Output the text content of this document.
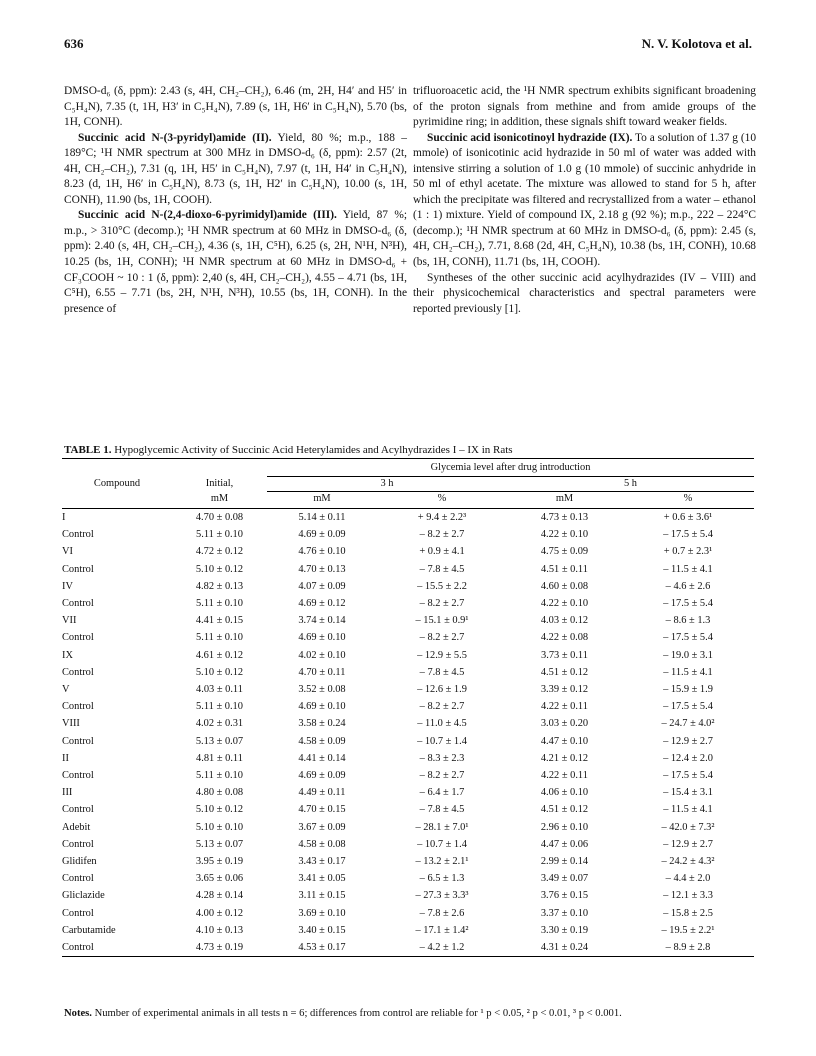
636	N. V. Kolotova et al.

DMSO-d₆ (δ, ppm): 2.43 (s, 4H, CH₂–CH₂), 6.46 (m, 2H, H4′ and H5′ in C₅H₄N), 7.35 (t, 1H, H3′ in C₅H₄N), 7.89 (s, 1H, H6′ in C₅H₄N), 5.70 (bs, 1H, CONH).

Succinic acid N-(3-pyridyl)amide (II). Yield, 80 %; m.p., 188 – 189°C; ¹H NMR spectrum at 300 MHz in DMSO-d₆ (δ, ppm): 2.57 (2t, 4H, CH₂–CH₂), 7.31 (q, 1H, H5′ in C₅H₄N), 7.97 (t, 1H, H4′ in C₅H₄N), 8.23 (d, 1H, H6′ in C₅H₄N), 8.73 (s, 1H, H2′ in C₅H₄N), 10.00 (s, 1H, CONH), 11.90 (bs, 1H, COOH).

Succinic acid N-(2,4-dioxo-6-pyrimidyl)amide (III). Yield, 87 %; m.p., > 310°C (decomp.); ¹H NMR spectrum at 60 MHz in DMSO-d₆ (δ, ppm): 2.40 (s, 4H, CH₂–CH₂), 4.36 (s, 1H, C⁵H), 6.25 (s, 2H, N¹H, N³H), 10.25 (bs, 1H, CONH); ¹H NMR spectrum at 60 MHz in DMSO-d₆ + CF₃COOH ~ 10 : 1 (δ, ppm): 2,40 (s, 4H, CH₂–CH₂), 4.55 – 4.71 (bs, 1H, C⁵H), 6.55 – 7.71 (bs, 2H, N¹H, N³H), 10.55 (bs, 1H, CONH). In the presence of

trifluoroacetic acid, the ¹H NMR spectrum exhibits significant broadening of the proton signals from methine and from amide groups of the pyrimidine ring; in addition, these signals shift toward weaker fields.

Succinic acid isonicotinoyl hydrazide (IX). To a solution of 1.37 g (10 mmole) of isonicotinic acid hydrazide in 50 ml of water was added with intensive stirring a solution of 1.0 g (10 mmole) of succinic anhydride in 50 ml of ethyl acetate. The mixture was allowed to stand for 5 h, after which the precipitate was filtered and recrystallized from a water – ethanol (1 : 1) mixture. Yield of compound IX, 2.18 g (92 %); m.p., 222 – 224°C (decomp.); ¹H NMR spectrum at 60 MHz in DMSO-d₆ (δ, ppm): 2.45 (s, 4H, CH₂–CH₂), 7.71, 8.68 (2d, 4H, C₅H₄N), 10.38 (bs, 1H, CONH), 10.68 (bs, 1H, CONH), 11.71 (bs, 1H, COOH).

Syntheses of the other succinic acid acylhydrazides (IV – VIII) and their physicochemical characteristics and spectral parameters were reported previously [1].

TABLE 1. Hypoglycemic Activity of Succinic Acid Heterylamides and Acylhydrazides I – IX in Rats
Compound		Glycemia level after drug introduction			
	Initial,	3 h		5 h	
	mM	mM	%	mM	%
I	4.70 ± 0.08	5.14 ± 0.11	+ 9.4 ± 2.2³	4.73 ± 0.13	+ 0.6 ± 3.6¹
Control	5.11 ± 0.10	4.69 ± 0.09	– 8.2 ± 2.7	4.22 ± 0.10	– 17.5 ± 5.4
VI	4.72 ± 0.12	4.76 ± 0.10	+ 0.9 ± 4.1	4.75 ± 0.09	+ 0.7 ± 2.3¹
Control	5.10 ± 0.12	4.70 ± 0.13	– 7.8 ± 4.5	4.51 ± 0.11	– 11.5 ± 4.1
IV	4.82 ± 0.13	4.07 ± 0.09	– 15.5 ± 2.2	4.60 ± 0.08	– 4.6 ± 2.6
Control	5.11 ± 0.10	4.69 ± 0.12	– 8.2 ± 2.7	4.22 ± 0.10	– 17.5 ± 5.4
VII	4.41 ± 0.15	3.74 ± 0.14	– 15.1 ± 0.9¹	4.03 ± 0.12	– 8.6 ± 1.3
Control	5.11 ± 0.10	4.69 ± 0.10	– 8.2 ± 2.7	4.22 ± 0.08	– 17.5 ± 5.4
IX	4.61 ± 0.12	4.02 ± 0.10	– 12.9 ± 5.5	3.73 ± 0.11	– 19.0 ± 3.1
Control	5.10 ± 0.12	4.70 ± 0.11	– 7.8 ± 4.5	4.51 ± 0.12	– 11.5 ± 4.1
V	4.03 ± 0.11	3.52 ± 0.08	– 12.6 ± 1.9	3.39 ± 0.12	– 15.9 ± 1.9
Control	5.11 ± 0.10	4.69 ± 0.10	– 8.2 ± 2.7	4.22 ± 0.11	– 17.5 ± 5.4
VIII	4.02 ± 0.31	3.58 ± 0.24	– 11.0 ± 4.5	3.03 ± 0.20	– 24.7 ± 4.0²
Control	5.13 ± 0.07	4.58 ± 0.09	– 10.7 ± 1.4	4.47 ± 0.10	– 12.9 ± 2.7
II	4.81 ± 0.11	4.41 ± 0.14	– 8.3 ± 2.3	4.21 ± 0.12	– 12.4 ± 2.0
Control	5.11 ± 0.10	4.69 ± 0.09	– 8.2 ± 2.7	4.22 ± 0.11	– 17.5 ± 5.4
III	4.80 ± 0.08	4.49 ± 0.11	– 6.4 ± 1.7	4.06 ± 0.10	– 15.4 ± 3.1
Control	5.10 ± 0.12	4.70 ± 0.15	– 7.8 ± 4.5	4.51 ± 0.12	– 11.5 ± 4.1
Adebit	5.10 ± 0.10	3.67 ± 0.09	– 28.1 ± 7.0¹	2.96 ± 0.10	– 42.0 ± 7.3²
Control	5.13 ± 0.07	4.58 ± 0.08	– 10.7 ± 1.4	4.47 ± 0.06	– 12.9 ± 2.7
Glidifen	3.95 ± 0.19	3.43 ± 0.17	– 13.2 ± 2.1¹	2.99 ± 0.14	– 24.2 ± 4.3²
Control	3.65 ± 0.06	3.41 ± 0.05	– 6.5 ± 1.3	3.49 ± 0.07	– 4.4 ± 2.0
Gliclazide	4.28 ± 0.14	3.11 ± 0.15	– 27.3 ± 3.3³	3.76 ± 0.15	– 12.1 ± 3.3
Control	4.00 ± 0.12	3.69 ± 0.10	– 7.8 ± 2.6	3.37 ± 0.10	– 15.8 ± 2.5
Carbutamide	4.10 ± 0.13	3.40 ± 0.15	– 17.1 ± 1.4²	3.30 ± 0.19	– 19.5 ± 2.2¹
Control	4.73 ± 0.19	4.53 ± 0.17	– 4.2 ± 1.2	4.31 ± 0.24	– 8.9 ± 2.8
Notes. Number of experimental animals in all tests n = 6; differences from control are reliable for ¹ p < 0.05, ² p < 0.01, ³ p < 0.001.
